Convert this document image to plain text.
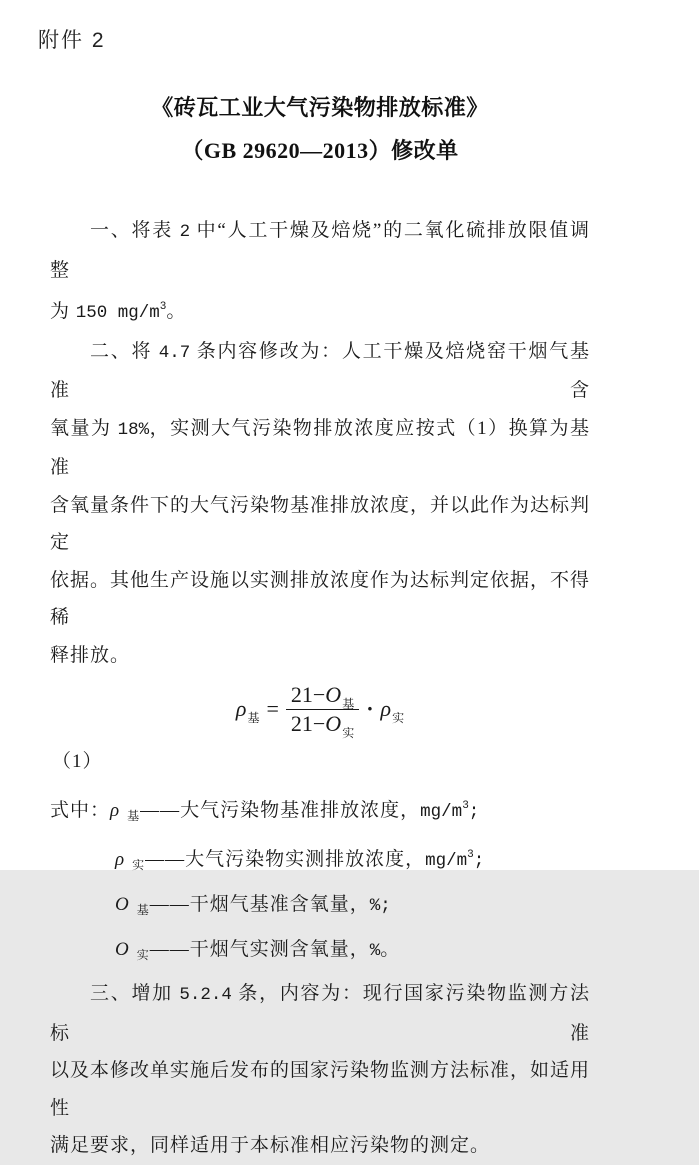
附件 2
《砖瓦工业大气污染物排放标准》
（GB 29620—2013）修改单
一、将表 2 中“人工干燥及焙烧”的二氧化硫排放限值调整
为 150 $mg/m^3$。
二、将 4.7 条内容修改为：人工干燥及焙烧窑干烟气基准含
氧量为 18%，实测大气污染物排放浓度应按式（1）换算为基准
含氧量条件下的大气污染物基准排放浓度，并以此作为达标判定
依据。其他生产设施以实测排放浓度作为达标判定依据，不得稀
释排放。
ρ 基 = $\frac{\text{21− O 基}}{\text{21− O 实}} \cdot \rho$ 实
（1）
式中：ρ $_基$——大气污染物基准排放浓度，$mg/m^3$;
ρ $_实$——大气污染物实测排放浓度，$mg/m^3$;
O $_基$——干烟气基准含氧量，%;
O $_实$——干烟气实测含氧量，%。
三、增加 5.2.4 条，内容为：现行国家污染物监测方法标准
以及本修改单实施后发布的国家污染物监测方法标准，如适用性
满足要求，同样适用于本标准相应污染物的测定。
